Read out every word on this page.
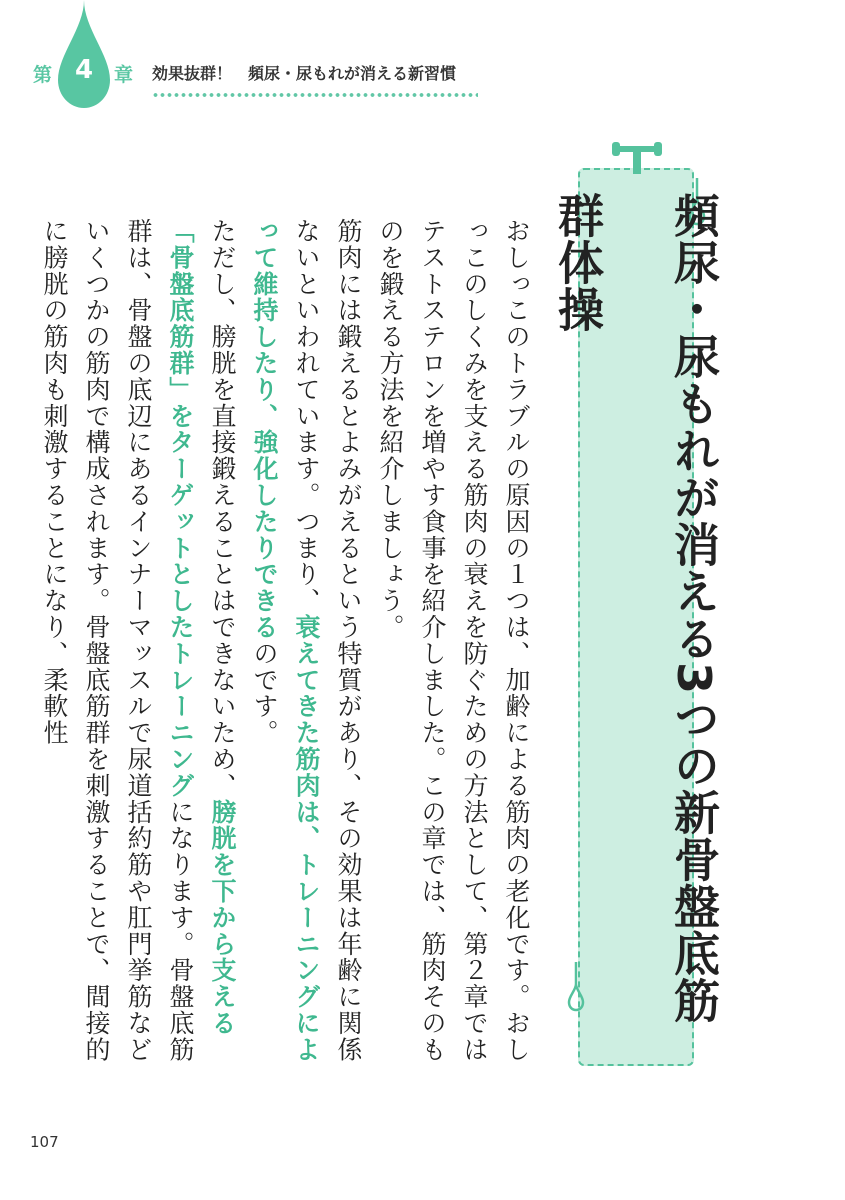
第 4	章 効果抜群！　頻尿・尿もれが消える新習慣
頻尿・尿もれが消える3つの新骨盤底筋群体操

おしっこのトラブルの原因の１つは、加齢による筋肉の老化です。おしっこのしくみを支える筋肉の衰えを防ぐための方法として、第２章ではテストステロンを増やす食事を紹介しました。この章では、筋肉そのものを鍛える方法を紹介しましょう。

筋肉には鍛えるとよみがえるという特質があり、その効果は年齢に関係ないといわれています。つまり、衰えてきた筋肉は、トレーニングによって維持したり、強化したりできるのです。

ただし、膀胱を直接鍛えることはできないため、膀胱を下から支える「骨盤底筋群」をターゲットとしたトレーニングになります。骨盤底筋群は、骨盤の底辺にあるインナーマッスルで尿道括約筋や肛門挙筋などいくつかの筋肉で構成されます。骨盤底筋群を刺激することで、間接的に膀胱の筋肉も刺激することになり、柔軟性

107
